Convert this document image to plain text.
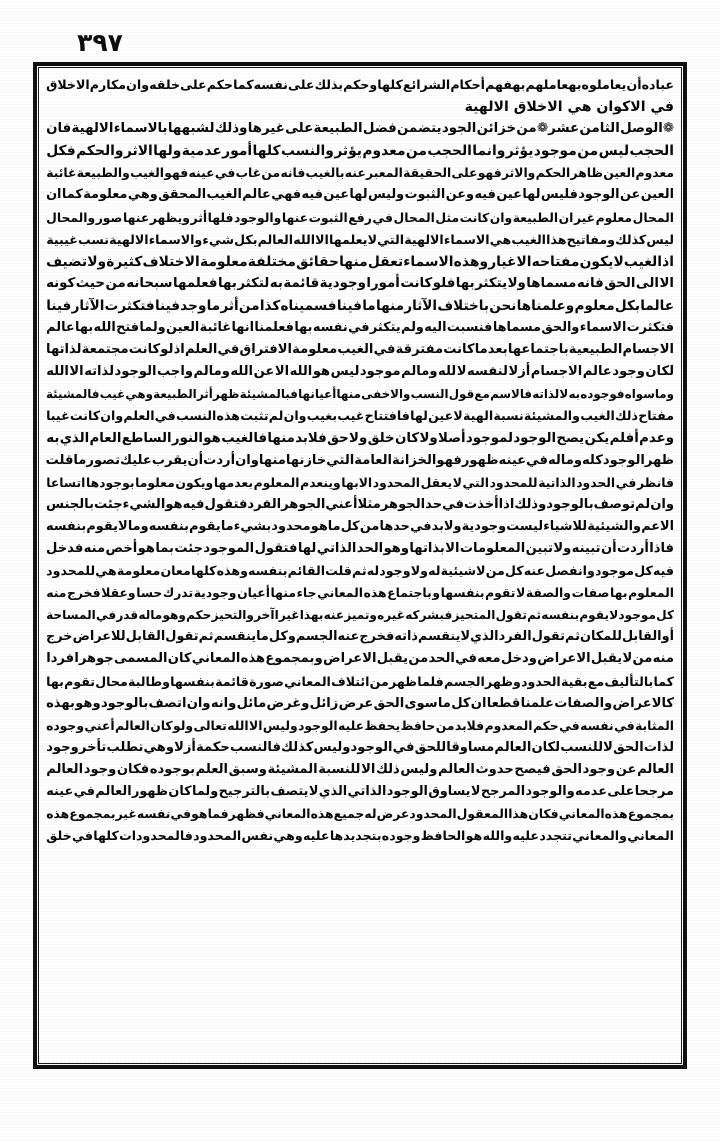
٣٩٧
عباده
أن
يعاملوه
بهعاملهم
بهفهم
أحكام
الشرائع
كلها
وحكم
بذلك
على
نفسه
كما
حكم
على
خلقه
وان
مكارم
الاخلاق
في الاكوان هي الاخلاق الالهية
❁الوصل
الثامن
عشر❁
من
خزائن
الجود
يتضمن
فضل
الطبيعة
على
غيرها
وذلك
لشبهها
بالاسماء
الالهية
فان
الحجب
ليس
من
موجود
يؤثر
وانما
الحجب
من
معدوم
يؤثر
والنسب
كلها
أمور
عدمية
ولها
الاثر
والحكم
فكل
معدوم
العين
ظاهر
الحكم
والاثر
فهو
على
الحقيقة
المعبر
عنه
بالغيب
فانه
من
غاب
في
عينه
فهو
الغيب
والطبيعة
غائبة
العين
عن
الوجود
فليس
لها
عين
فيه
وعن
الثبوت
وليس
لها
عين
فيه
فهي
عالم
الغيب
المحقق
وهي
معلومة
كما
ان
المحال
معلوم
غير
ان
الطبيعة
وان
كانت
مثل
المحال
في
رفع
الثبوت
عنها
والوجود
فلها
أثر
ويظهر
عنها
صور
والمحال
ليس
كذلك
ومفاتيح
هذا
الغيب
هي
الاسماء
الالهية
التي
لا
يعلمها
الا
الله
العالم
بكل
شيء
والاسماء
الالهية
نسب
غيبية
اذ
الغيب
لا
يكون
مفتاحه
الاغيار
وهذه
الاسماء
تعقل
منها
حقائق
مختلفة
معلومة
الاختلاف
كثيرة
ولا
تضيف
الا
الى
الحق
فانه
مسماها
ولا
يتكثر
بها
فلو
كانت
أمورا
وجودية
قائمة
به
لتكثر
بها
فعلمها
سبحانه
من
حيث
كونه
عالما
بكل
معلوم
وعلمناها
نحن
باختلاف
الآثار
منها
ما
فينا
فسميناه
كذا
من
أثر
ما
وجد
فينا
فتكثرت
الآثار
فينا
فتكثرت
الاسماء
والحق
مسماها
فنسبت
اليه
ولم
يتكثر
في
نفسه
بها
فعلمنا
انها
غائبة
العين
ولما
فتح
الله
بها
عالم
الاجسام
الطبيعية
باجتماعها
بعدما
كانت
مفترقة
في
الغيب
معلومة
الافتراق
في
العلم
اذ
لو
كانت
مجتمعة
لذاتها
لكان
وجود
عالم
الاجسام
أزلا
لنفسه
لا
لله
ومالم
موجود
ليس
هو
الله
الا
عن
الله
ومالم
واجب
الوجود
لذاته
الا
الله
وماسواه
فوجوده
به
لا
لذاته
فالاسم
مع
قول
النسب
والاخفى
منها
أعيانها
فبالمشيئة
ظهر
أثر
الطبيعة
وهي
غيب
فالمشيئة
مفتاح
ذلك
الغيب
والمشيئة
نسبة
الهية
لا
عين
لها
فافتتاح
غيب
بغيب
وان
لم
تثبت
هذه
النسب
في
العلم
وان
كانت
غيبا
وعدم
أفلم
يكن
يصح
الوجود
لموجود
أصلا
ولا
كان
خلق
ولا
حق
فلابد
منها
فالغيب
هو
النور
الساطع
العام
الذي
به
ظهر
الوجود
كله
وماله
في
عينه
ظهور
فهو
الخزانة
العامة
التي
خازنها
منها
وان
أردت
أن
يقرب
عليك
تصور
ما
قلت
فانظر
في
الحدود
الذاتية
للمحدود
التي
لا
يعقل
المحدود
الابها
وينعدم
المعلوم
بعدمها
ويكون
معلوما
بوجودها
اتساعا
وان
لم
توصف
بالوجود
وذلك
اذا
أخذت
في
حد
الجوهر
مثلا
أعني
الجوهر
الفرد
فتقول
فيه
هو
الشيء
جئت
بالجنس
الاعم
والشيئية
للاشياء
ليست
وجودية
ولابد
في
حدها
من
كل
ماهو
محدود
بشيء
ما
يقوم
بنفسه
وما
لا
يقوم
بنفسه
فاذا
أردت
أن
تبينه
ولا
تبين
المعلومات
الا
بذاتها
وهو
الحد
الذاتي
لها
فتقول
الموجود
جئت
بما
هو
أخص
منه
فدخل
فيه
كل
موجود
وانفصل
عنه
كل
من
لا
شيئية
له
ولا
وجود
له
ثم
قلت
القائم
بنفسه
وهذه
كلها
معان
معلومة
هي
للمحدود
المعلوم
بها
صفات
والصفة
لا
تقوم
بنفسها
و
باجتماع
هذه
المعاني
جاء
منها
أعيان
وجودية
تدرك
حسا
وعقلا
فخرج
منه
كل
موجود
لا
يقوم
بنفسه
ثم
تقول
المتحيز
فبشركه
غيره
وتميز
عنه
بهذا
غيرا
آخر
والتحيز
حكم
وهو
ماله
قدر
في
المساحة
أو
القابل
للمكان
ثم
تقول
الفرد
الذي
لا
ينقسم
ذاته
فخرج
عنه
الجسم
وكل
ما
ينقسم
ثم
تقول
القابل
للاعراض
خرج
منه
من
لا
يقبل
الاعراض
ودخل
معه
في
الحد
من
يقبل
الاعراض
و
بمجموع
هذه
المعاني
كان
المسمى
جوهرا
فردا
كما
بالتأليف
مع
بقية
الحدود
وظهر
الجسم
فلما
ظهر
من
ائتلاف
المعاني
صورة
قائمة
بنفسها
وطالبة
محال
تقوم
بها
كالاعراض
والصفات
علمنا
قطعا
ان
كل
ما
سوى
الحق
عرض
زائل
وغرض
مائل
وانه
وان
اتصف
بالوجود
وهو
بهذه
المثابة
في
نفسه
في
حكم
المعدوم
فلابد
من
حافظ
يحفظ
عليه
الوجود
وليس
الا
الله
تعالى
ولو
كان
العالم
أعني
وجوده
لذات
الحق
لا
للنسب
لكان
العالم
مساوقا
للحق
في
الوجود
وليس
كذلك
فالنسب
حكمة
أزلا
وهي
تطلب
تأخر
وجود
العالم
عن
وجود
الحق
فيصح
حدوث
العالم
وليس
ذلك
الا
للنسبة
المشيئة
وسبق
العلم
بوجوده
فكان
وجود
العالم
مرجحا
على
عدمه
والوجود
المرجح
لا
يساوق
الوجود
الذاتي
الذي
لا
يتصف
بالترجيح
ولما
كان
ظهور
العالم
في
عينه
بمجموع
هذه
المعاني
فكان
هذا
المعقول
المحدود
عرض
له
جميع
هذه
المعاني
فظهر
فما
هو
في
نفسه
غير
بمجموع
هذه
المعاني
والمعاني
تتجدد
عليه
والله
هو
الحافظ
وجوده
بتجديدها
عليه
وهي
نفس
المحدود
فالمحدودات
كلها
في
خلق
